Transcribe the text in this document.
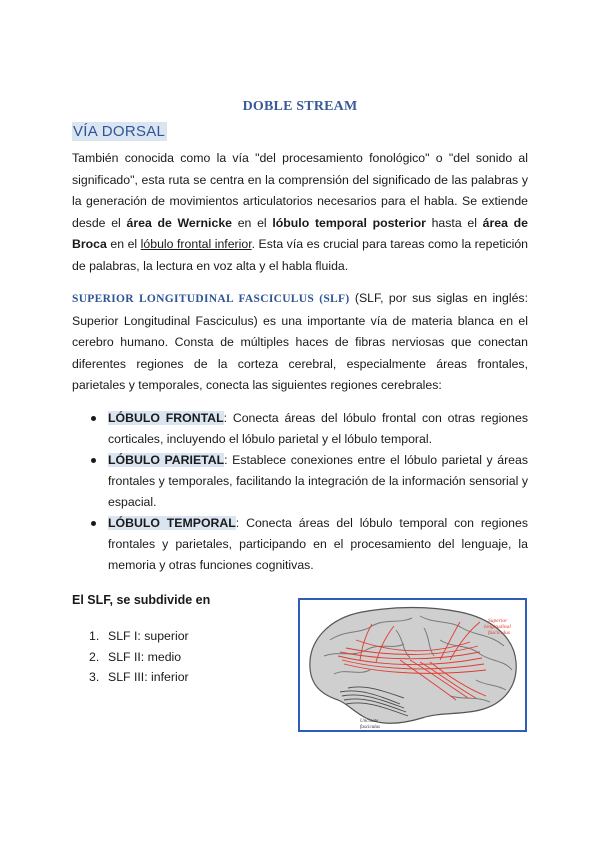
DOBLE STREAM
VÍA DORSAL

También conocida como la vía "del procesamiento fonológico" o "del sonido al significado", esta ruta se centra en la comprensión del significado de las palabras y la generación de movimientos articulatorios necesarios para el habla. Se extiende desde el área de Wernicke en el lóbulo temporal posterior hasta el área de Broca en el lóbulo frontal inferior. Esta vía es crucial para tareas como la repetición de palabras, la lectura en voz alta y el habla fluida.

SUPERIOR LONGITUDINAL FASCICULUS (SLF) (SLF, por sus siglas en inglés: Superior Longitudinal Fasciculus) es una importante vía de materia blanca en el cerebro humano. Consta de múltiples haces de fibras nerviosas que conectan diferentes regiones de la corteza cerebral, especialmente áreas frontales, parietales y temporales, conecta las siguientes regiones cerebrales:

LÓBULO FRONTAL: Conecta áreas del lóbulo frontal con otras regiones corticales, incluyendo el lóbulo parietal y el lóbulo temporal.
LÓBULO PARIETAL: Establece conexiones entre el lóbulo parietal y áreas frontales y temporales, facilitando la integración de la información sensorial y espacial.
LÓBULO TEMPORAL: Conecta áreas del lóbulo temporal con regiones frontales y parietales, participando en el procesamiento del lenguaje, la memoria y otras funciones cognitivas.
El SLF, se subdivide en
1. SLF I: superior
2. SLF II: medio
3. SLF III: inferior
Superior
longitudinal
fasciculus
Uncinate
fasciculus
